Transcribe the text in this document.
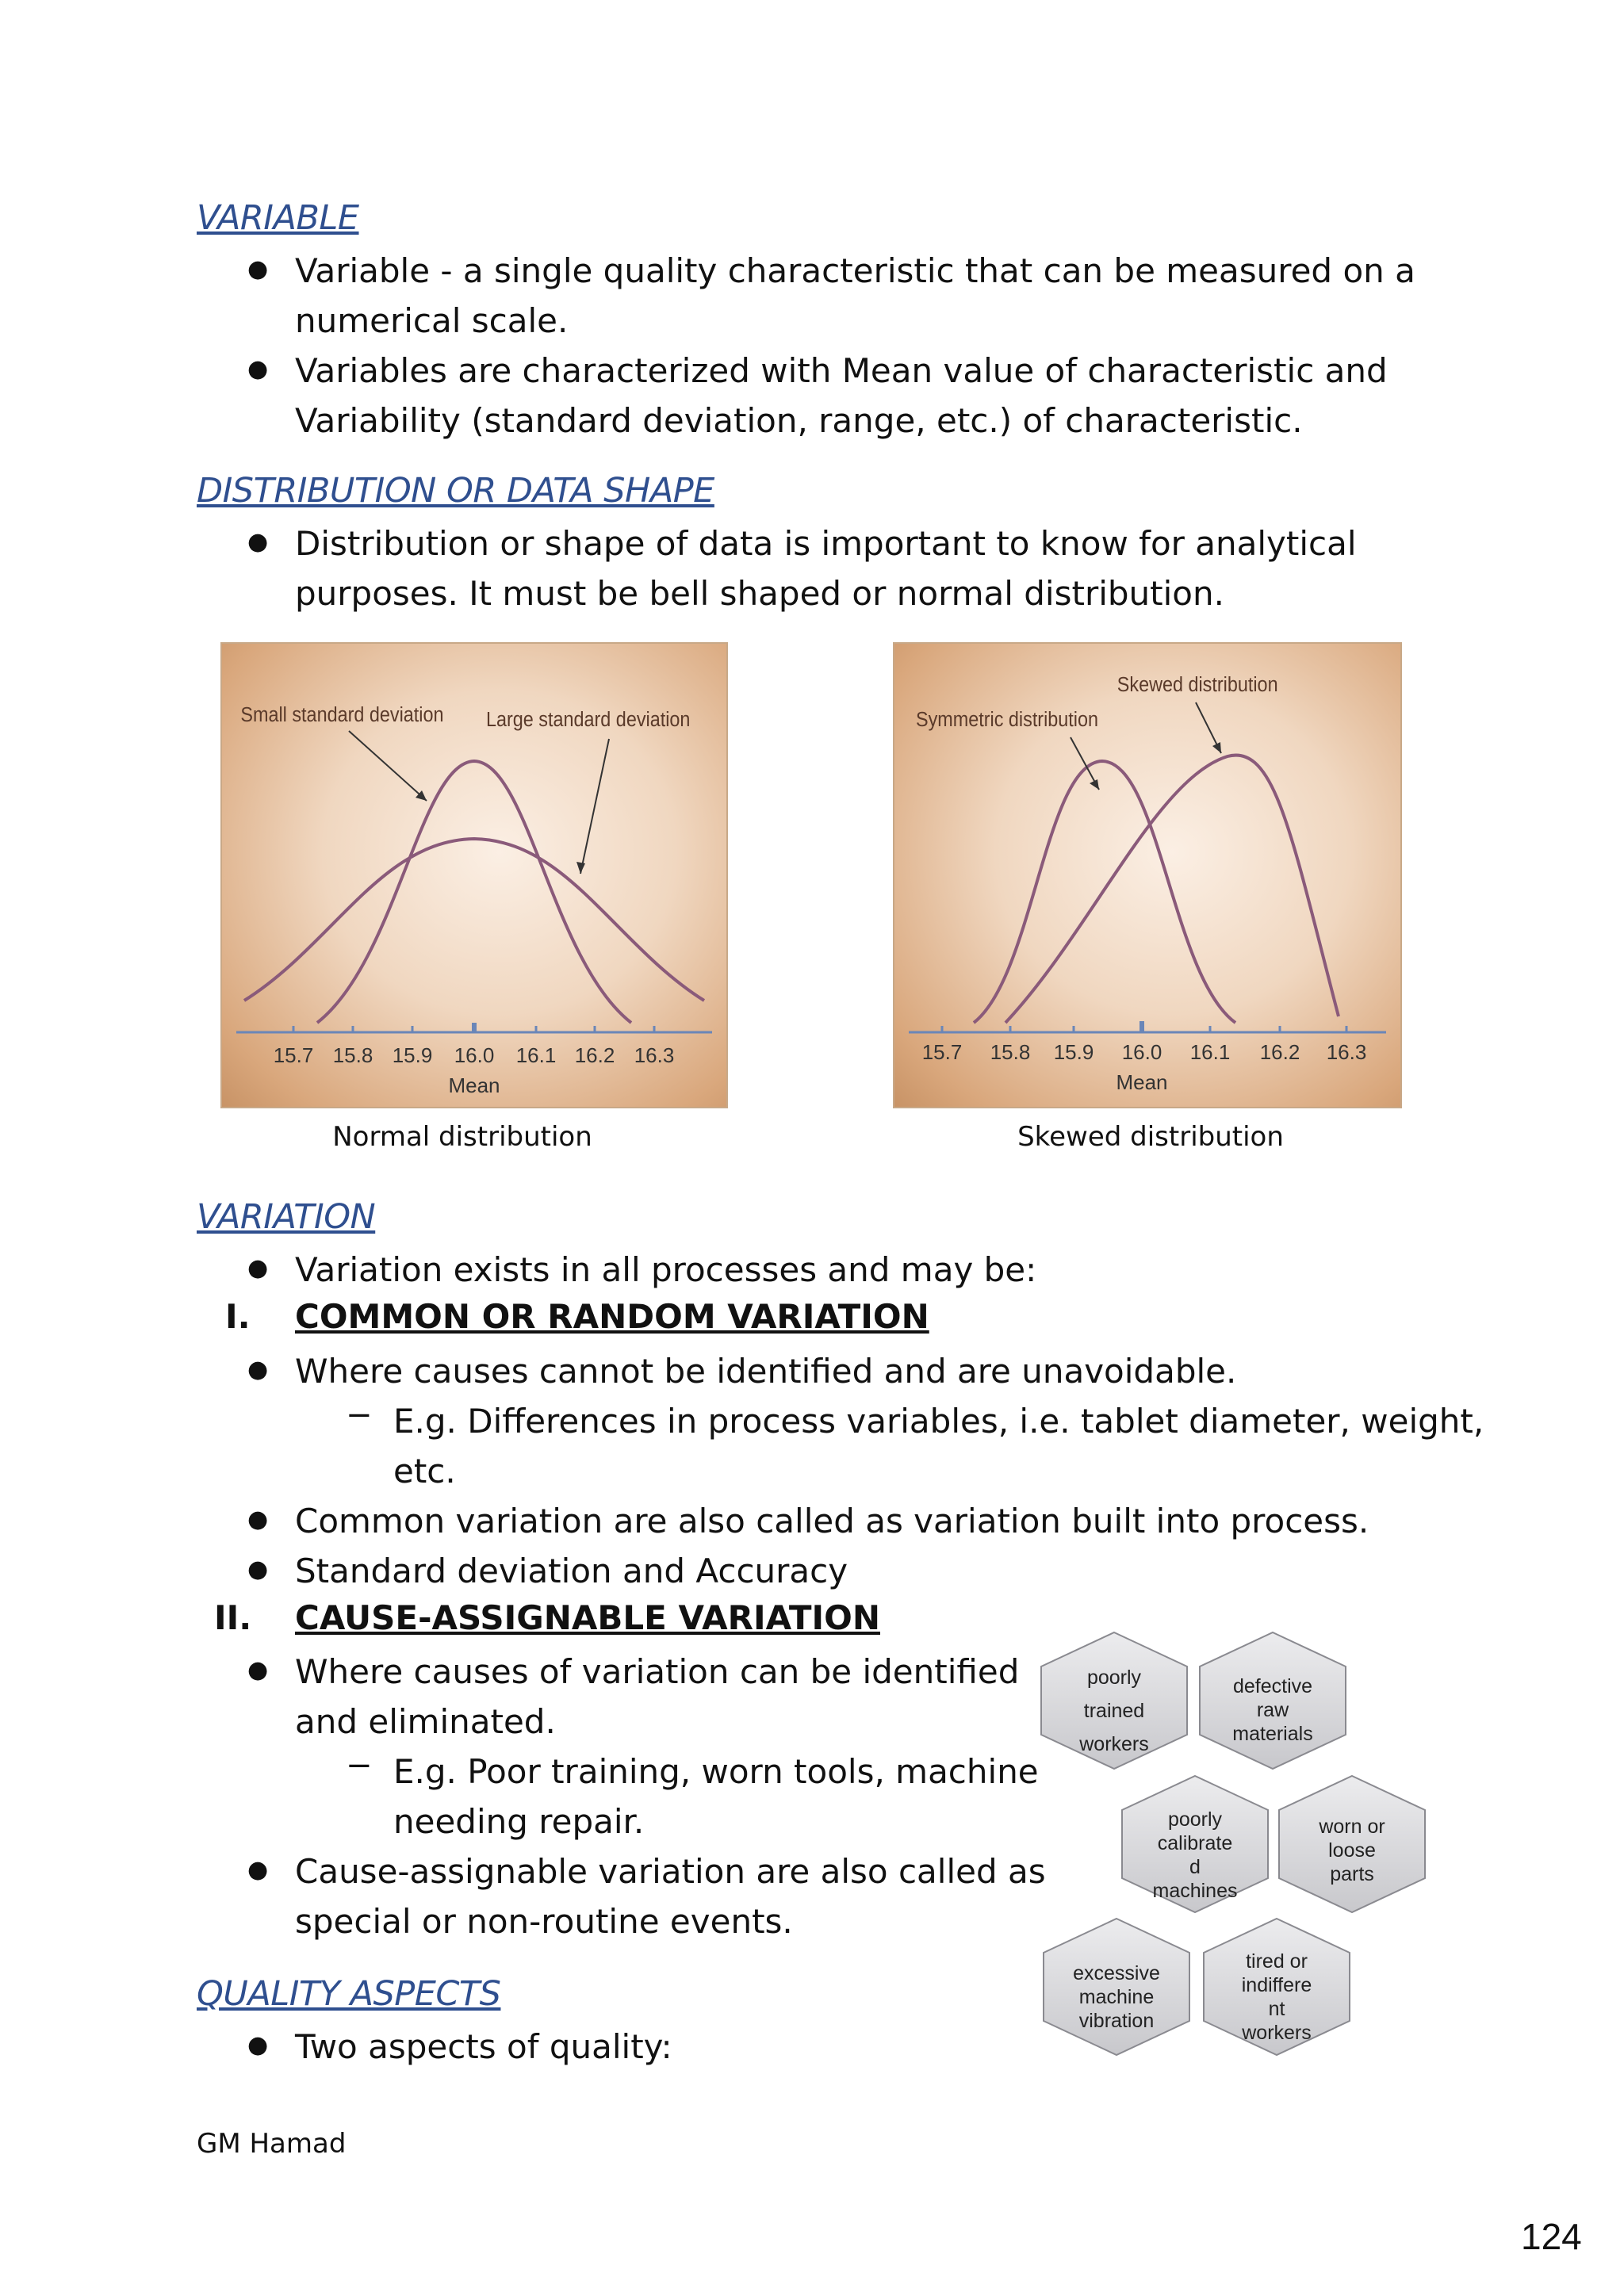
VARIABLE
● Variable - a single quality characteristic that can be measured on a
numerical scale.
● Variables are characterized with Mean value of characteristic and
Variability (standard deviation, range, etc.) of characteristic.
DISTRIBUTION OR DATA SHAPE
● Distribution or shape of data is important to know for analytical
purposes. It must be bell shaped or normal distribution.
Small standard deviation Large standard deviation
15.7 15.8 15.9 16.0 16.1 16.2 16.3
Mean
Normal distribution
Symmetric distribution
Skewed distribution
15.7 15.8 15.9 16.0 16.1 16.2 16.3
Mean
Skewed distribution
VARIATION
● Variation exists in all processes and may be:
I. COMMON OR RANDOM VARIATION
● Where causes cannot be identified and are unavoidable.
− E.g. Differences in process variables, i.e. tablet diameter, weight,
etc.
● Common variation are also called as variation built into process.
● Standard deviation and Accuracy
II. CAUSE-ASSIGNABLE VARIATION
● Where causes of variation can be identified
and eliminated.
− E.g. Poor training, worn tools, machine
needing repair.
● Cause-assignable variation are also called as
special or non-routine events.
poorly
trained
workers
defective
raw
materials
poorly
calibrate
d
machines
worn or
loose
parts
excessive
machine
vibration
tired or
indiffere
nt
workers
QUALITY ASPECTS
● Two aspects of quality:
GM Hamad
124
